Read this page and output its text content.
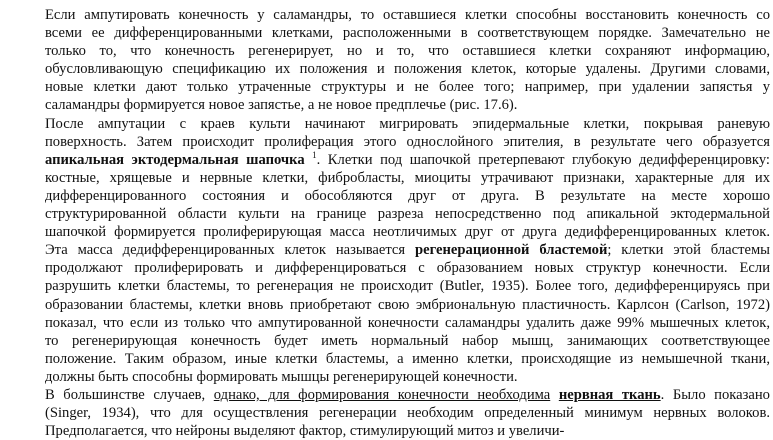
Если ампутировать конечность у саламандры, то оставшиеся клетки способны восстановить конечность со
всеми ее дифференцированными клетками, расположенными в соответствующем порядке. Замечательно не
только то, что конечность регенерирует, но и то, что оставшиеся клетки сохраняют информацию,
обусловливающую спецификацию их положения и положения клеток, которые удалены. Другими словами,
новые клетки дают только утраченные структуры и не более того; например, при удалении запястья у
саламандры формируется новое запястье, а не новое предплечье (рис. 17.6).
После ампутации с краев культи начинают мигрировать эпидермальные клетки, покрывая раневую
поверхность. Затем происходит пролиферация этого однослойного эпителия, в результате чего образуется
апикальная эктодермальная шапочка $^1$. Клетки под шапочкой претерпевают глубокую дедифференцировку:
костные, хрящевые и нервные клетки, фибробласты, миоциты утрачивают признаки, характерные для их
дифференцированного состояния и обособляются друг от друга. В результате на месте хорошо
структурированной области культи на границе разреза непосредственно под апикальной эктодермальной
шапочкой формируется пролиферирующая масса неотличимых друг от друга дедифференцированных клеток.
Эта масса дедифференцированных клеток называется регенерационной бластемой; клетки этой бластемы
продолжают пролиферировать и дифференцироваться с образованием новых структур конечности. Если
разрушить клетки бластемы, то регенерация не происходит (Butler, 1935). Более того, дедифференцируясь при
образовании бластемы, клетки вновь приобретают свою эмбриональную пластичность. Карлсон (Carlson, 1972)
показал, что если из только что ампутированной конечности саламандры удалить даже 99% мышечных клеток,
то регенерирующая конечность будет иметь нормальный набор мышц, занимающих соответствующее
положение. Таким образом, иные клетки бластемы, а именно клетки, происходящие из немышечной ткани,
должны быть способны формировать мышцы регенерирующей конечности.
В большинстве случаев, однако, для формирования конечности необходима нервная ткань. Было показано
(Singer, 1934), что для осуществления регенерации необходим определенный минимум нервных волоков.
Предполагается, что нейроны выделяют фактор, стимулирующий митоз и увеличи-
